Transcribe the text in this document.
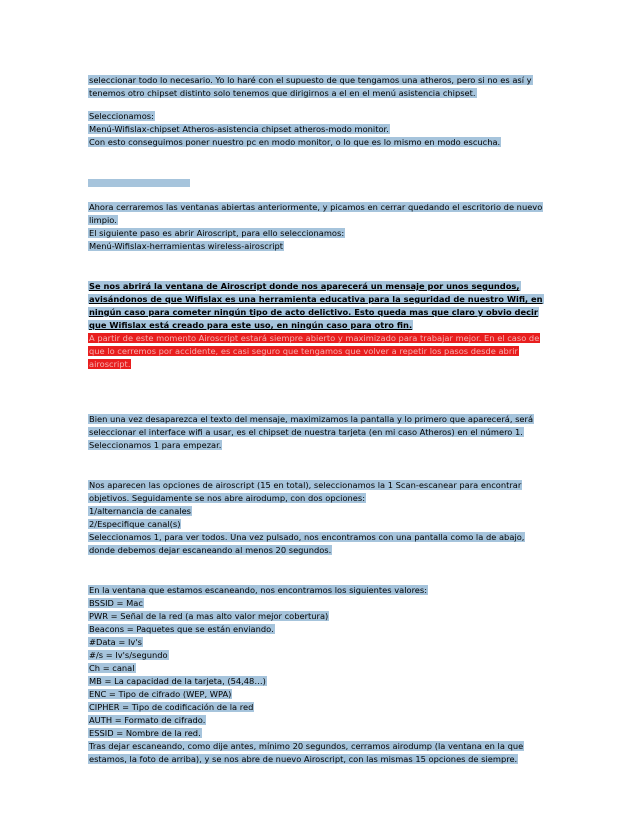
seleccionar todo lo necesario. Yo lo haré con el supuesto de que tengamos una atheros, pero si no es así y
tenemos otro chipset distinto solo tenemos que dirigirnos a el en el menú asistencia chipset.
Seleccionamos:
Menú-Wifislax-chipset Atheros-asistencia chipset atheros-modo monitor.
Con esto conseguimos poner nuestro pc en modo monitor, o lo que es lo mismo en modo escucha.
Ahora cerraremos las ventanas abiertas anteriormente, y picamos en cerrar quedando el escritorio de nuevo
limpio.
El siguiente paso es abrir Airoscript, para ello seleccionamos:
Menú-Wifislax-herramientas wireless-airoscript
Se nos abrirá la ventana de Airoscript donde nos aparecerá un mensaje por unos segundos,
avisándonos de que Wifislax es una herramienta educativa para la seguridad de nuestro Wifi, en
ningún caso para cometer ningún tipo de acto delictivo. Esto queda mas que claro y obvio decir
que Wifislax está creado para este uso, en ningún caso para otro fin.
A partir de este momento Airoscript estará siempre abierto y maximizado para trabajar mejor. En el caso de
que lo cerremos por accidente, es casi seguro que tengamos que volver a repetir los pasos desde abrir
airoscript.
Bien una vez desaparezca el texto del mensaje, maximizamos la pantalla y lo primero que aparecerá, será
seleccionar el interface wifi a usar, es el chipset de nuestra tarjeta (en mi caso Atheros) en el número 1.
Seleccionamos 1 para empezar.
Nos aparecen las opciones de airoscript (15 en total), seleccionamos la 1 Scan-escanear para encontrar
objetivos. Seguidamente se nos abre airodump, con dos opciones:
1/alternancia de canales
2/Especifique canal(s)
Seleccionamos 1, para ver todos. Una vez pulsado, nos encontramos con una pantalla como la de abajo,
donde debemos dejar escaneando al menos 20 segundos.
En la ventana que estamos escaneando, nos encontramos los siguientes valores:
BSSID = Mac
PWR = Señal de la red (a mas alto valor mejor cobertura)
Beacons = Paquetes que se están enviando.
#Data = Iv's
#/s = Iv's/segundo
Ch = canal
MB = La capacidad de la tarjeta, (54,48…)
ENC = Tipo de cifrado (WEP, WPA)
CIPHER = Tipo de codificación de la red
AUTH = Formato de cifrado.
ESSID = Nombre de la red.
Tras dejar escaneando, como dije antes, mínimo 20 segundos, cerramos airodump (la ventana en la que
estamos, la foto de arriba), y se nos abre de nuevo Airoscript, con las mismas 15 opciones de siempre.
